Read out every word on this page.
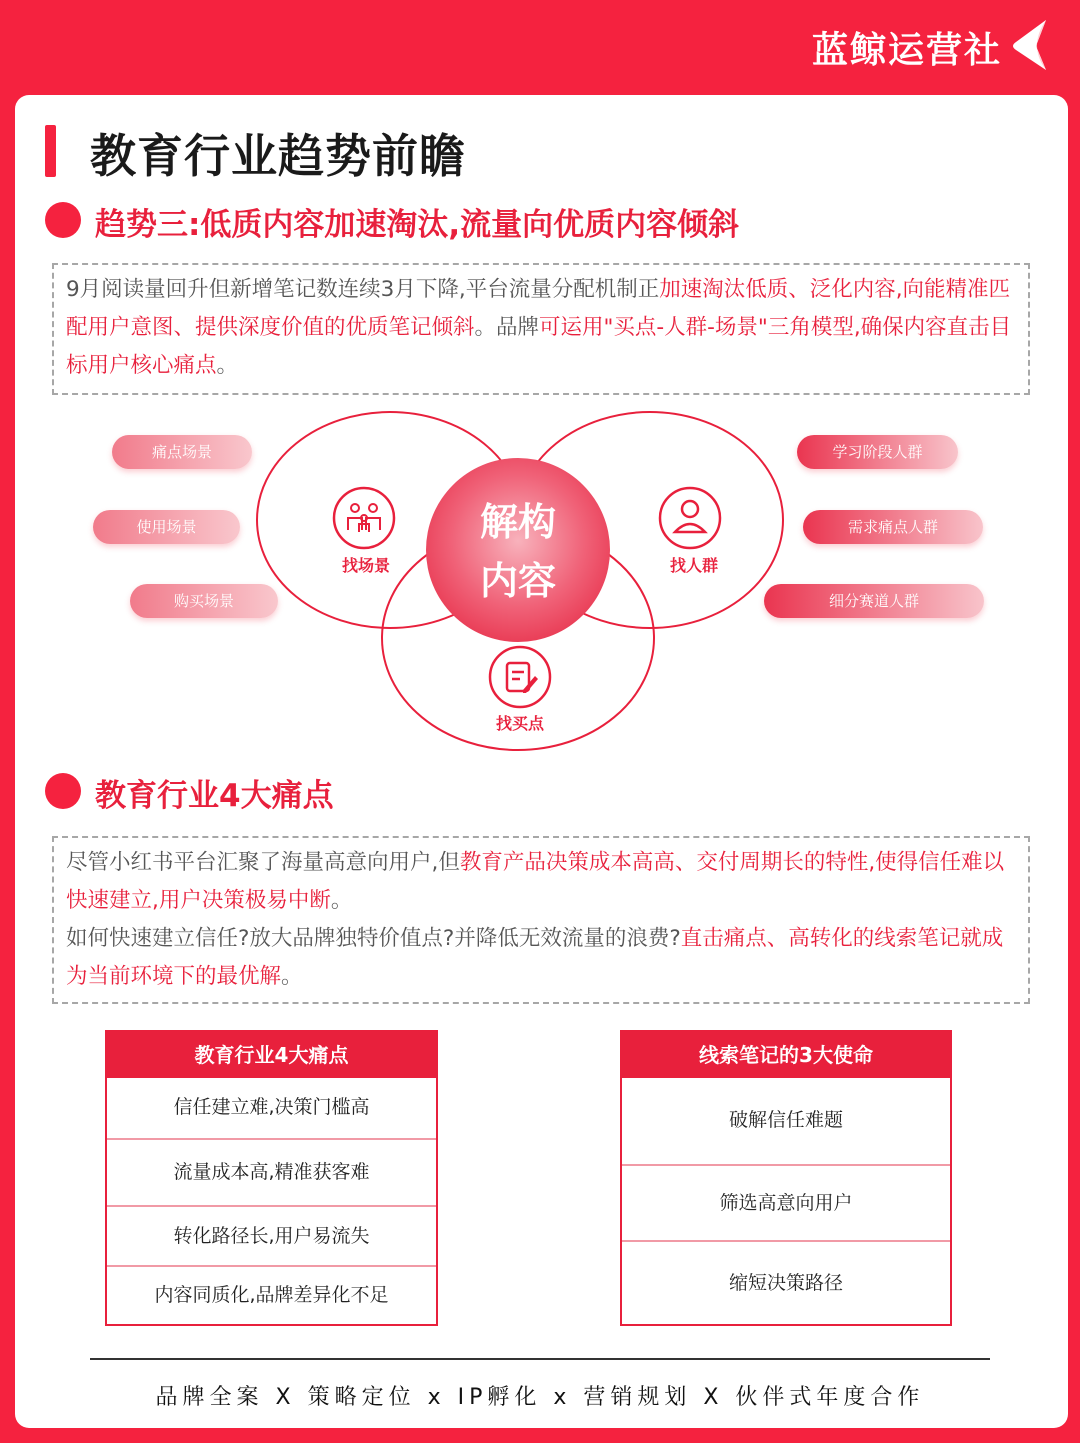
蓝鲸运营社
教育行业趋势前瞻
趋势三:低质内容加速淘汰,流量向优质内容倾斜
9月阅读量回升但新增笔记数连续3月下降,平台流量分配机制正加速淘汰低质、泛化内容,向能精准匹配用户意图、提供深度价值的优质笔记倾斜。品牌可运用"买点-人群-场景"三角模型,确保内容直击目标用户核心痛点。
找场景	找人群
找买点
解构
内容
痛点场景
使用场景
购买场景
学习阶段人群
需求痛点人群
细分赛道人群
教育行业4大痛点
尽管小红书平台汇聚了海量高意向用户,但教育产品决策成本高高、交付周期长的特性,使得信任难以快速建立,用户决策极易中断。
如何快速建立信任?放大品牌独特价值点?并降低无效流量的浪费?直击痛点、高转化的线索笔记就成为当前环境下的最优解。
教育行业4大痛点
信任建立难,决策门槛高
流量成本高,精准获客难
转化路径长,用户易流失
内容同质化,品牌差异化不足
线索笔记的3大使命
破解信任难题
筛选高意向用户
缩短决策路径
品牌全案 X 策略定位 x IP孵化 x 营销规划 X 伙伴式年度合作
